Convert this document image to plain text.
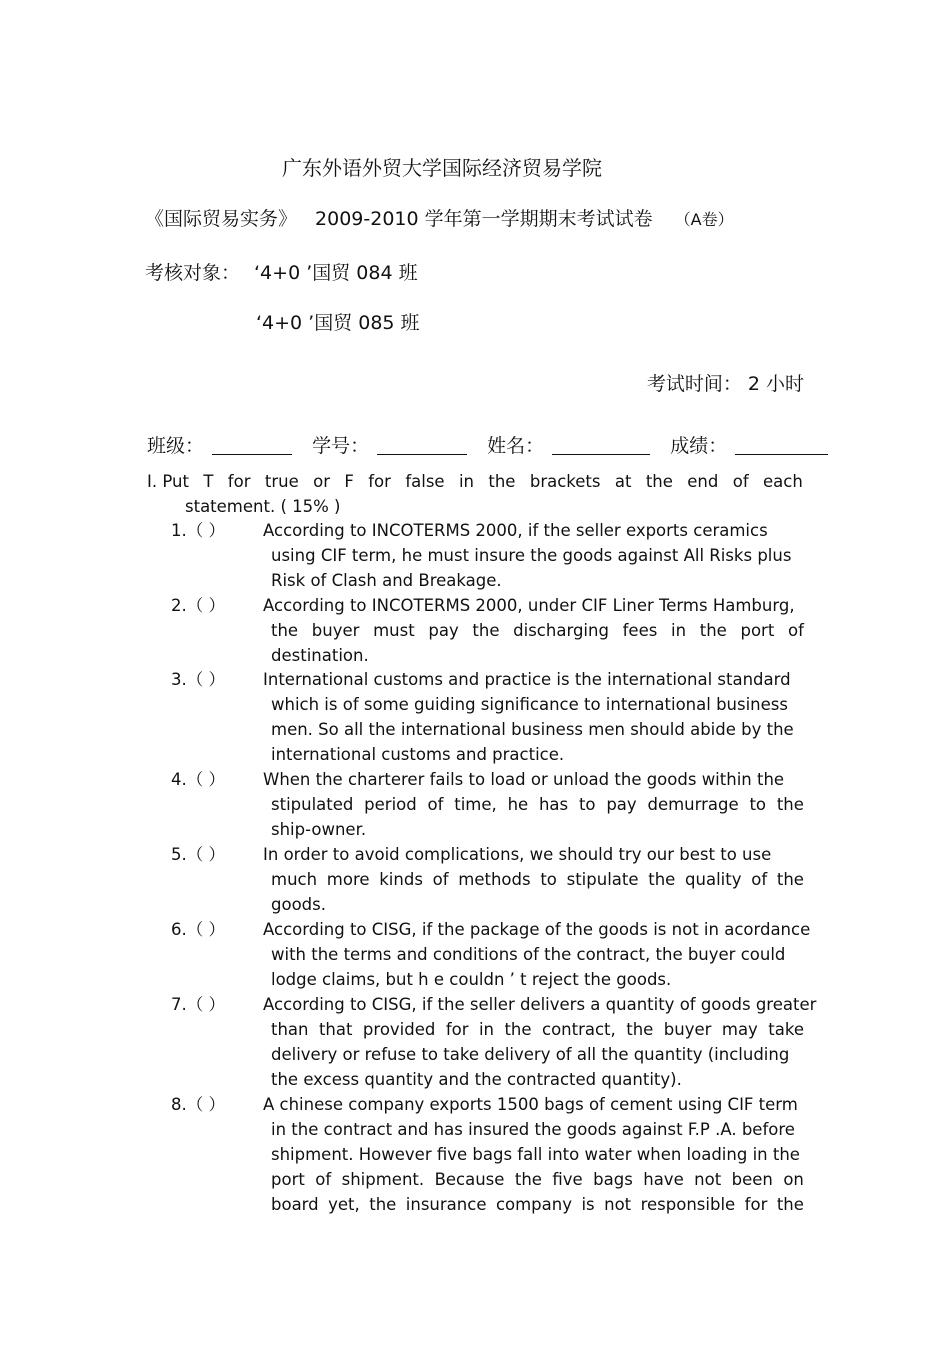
广东外语外贸大学国际经济贸易学院
《国际贸易实务》 2009-2010 学年第一学期期末考试试卷 （A卷）
考核对象： ‘4+0 ’国贸 084 班
‘4+0 ’国贸 085 班
考试时间： 2 小时
班级：	学号：	姓名：	成绩：
Ⅰ. Put T for true or F for false in the brackets at the end of each
statement. ( 15% )
1.（ ） According to INCOTERMS 2000, if the seller exports ceramics
using CIF term, he must insure the goods against All Risks plus
Risk of Clash and Breakage.
2.（ ） According to INCOTERMS 2000, under CIF Liner Terms Hamburg,
the buyer must pay the discharging fees in the port of
destination.
3.（ ） International customs and practice is the international standard
which is of some guiding significance to international business
men. So all the international business men should abide by the
international customs and practice.
4.（ ） When the charterer fails to load or unload the goods within the
stipulated period of time, he has to pay demurrage to the
ship-owner.
5.（ ） In order to avoid complications, we should try our best to use
much more kinds of methods to stipulate the quality of the
goods.
6.（ ） According to CISG, if the package of the goods is not in acordance
with the terms and conditions of the contract, the buyer could
lodge claims, but h e couldn ’ t reject the goods.
7.（ ） According to CISG, if the seller delivers a quantity of goods greater
than that provided for in the contract, the buyer may take
delivery or refuse to take delivery of all the quantity (including
the excess quantity and the contracted quantity).
8.（ ） A chinese company exports 1500 bags of cement using CIF term
in the contract and has insured the goods against F.P .A. before
shipment. However five bags fall into water when loading in the
port of shipment. Because the five bags have not been on
board yet, the insurance company is not responsible for the
